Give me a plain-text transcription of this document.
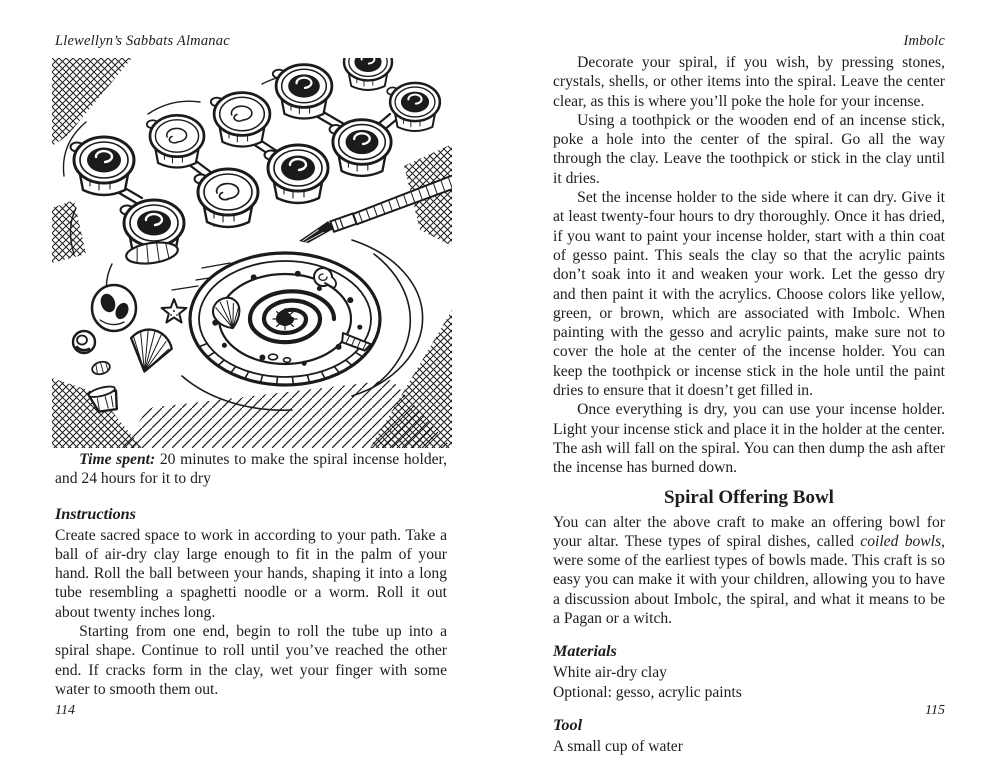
Llewellyn’s Sabbats Almanac

Time spent: 20 minutes to make the spiral incense holder, and 24 hours for it to dry

Instructions

Create sacred space to work in according to your path. Take a ball of air-dry clay large enough to fit in the palm of your hand. Roll the ball between your hands, shaping it into a long tube resembling a spaghetti noodle or a worm. Roll it out about twenty inches long.

Starting from one end, begin to roll the tube up into a spiral shape. Continue to roll until you’ve reached the other end. If cracks form in the clay, wet your finger with some water to smooth them out.

114
Imbolc

Decorate your spiral, if you wish, by pressing stones, crystals, shells, or other items into the spiral. Leave the center clear, as this is where you’ll poke the hole for your incense.

Using a toothpick or the wooden end of an incense stick, poke a hole into the center of the spiral. Go all the way through the clay. Leave the toothpick or stick in the clay until it dries.

Set the incense holder to the side where it can dry. Give it at least twenty-four hours to dry thoroughly. Once it has dried, if you want to paint your incense holder, start with a thin coat of gesso paint. This seals the clay so that the acrylic paints don’t soak into it and weaken your work. Let the gesso dry and then paint it with the acrylics. Choose colors like yellow, green, or brown, which are associated with Imbolc. When painting with the gesso and acrylic paints, make sure not to cover the hole at the center of the incense holder. You can keep the toothpick or incense stick in the hole until the paint dries to ensure that it doesn’t get filled in.

Once everything is dry, you can use your incense holder. Light your incense stick and place it in the holder at the center. The ash will fall on the spiral. You can then dump the ash after the incense has burned down.

Spiral Offering Bowl

You can alter the above craft to make an offering bowl for your altar. These types of spiral dishes, called coiled bowls, were some of the earliest types of bowls made. This craft is so easy you can make it with your children, allowing you to have a discussion about Imbolc, the spiral, and what it means to be a Pagan or a witch.

Materials

White air-dry clay

Optional: gesso, acrylic paints

Tool

A small cup of water

115
